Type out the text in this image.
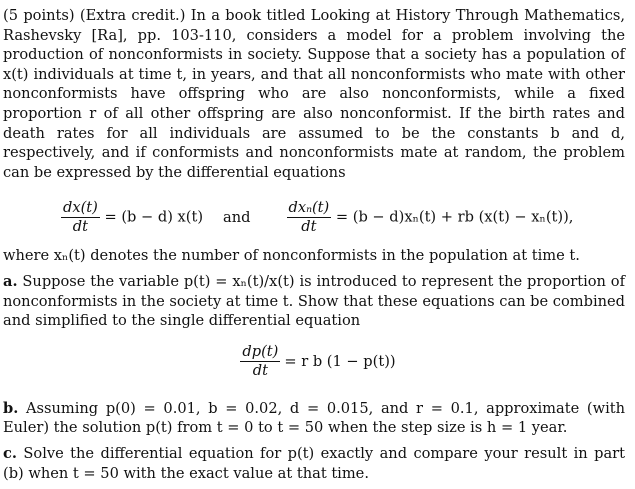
(5 points) (Extra credit.) In a book titled Looking at History Through Mathematics, Rashevsky [Ra], pp. 103-110, considers a model for a problem involving the production of nonconformists in society. Suppose that a society has a population of x(t) individuals at time t, in years, and that all nonconformists who mate with other nonconformists have offspring who are also nonconformists, while a fixed proportion r of all other offspring are also nonconformist. If the birth rates and death rates for all individuals are assumed to be the constants b and d, respectively, and if conformists and nonconformists mate at random, the problem can be expressed by the differential equations

$\frac{dx(t)}{dt} = (b - d)$ x(t) and $\frac{\text{dxₙ(t)}}{dt} = (b - d)x_n(t)$ + rb (x(t) − xₙ(t)),

where xₙ(t) denotes the number of nonconformists in the population at time t.

a. Suppose the variable p(t) = xₙ(t)/x(t) is introduced to represent the proportion of nonconformists in the society at time t. Show that these equations can be combined and simplified to the single differential equation

$\frac{dp(t)}{dt} = r$ b (1 − p(t))

b. Assuming p(0) = 0.01, b = 0.02, d = 0.015, and r = 0.1, approximate (with Euler) the solution p(t) from t = 0 to t = 50 when the step size is h = 1 year.

c. Solve the differential equation for p(t) exactly and compare your result in part (b) when t = 50 with the exact value at that time.
